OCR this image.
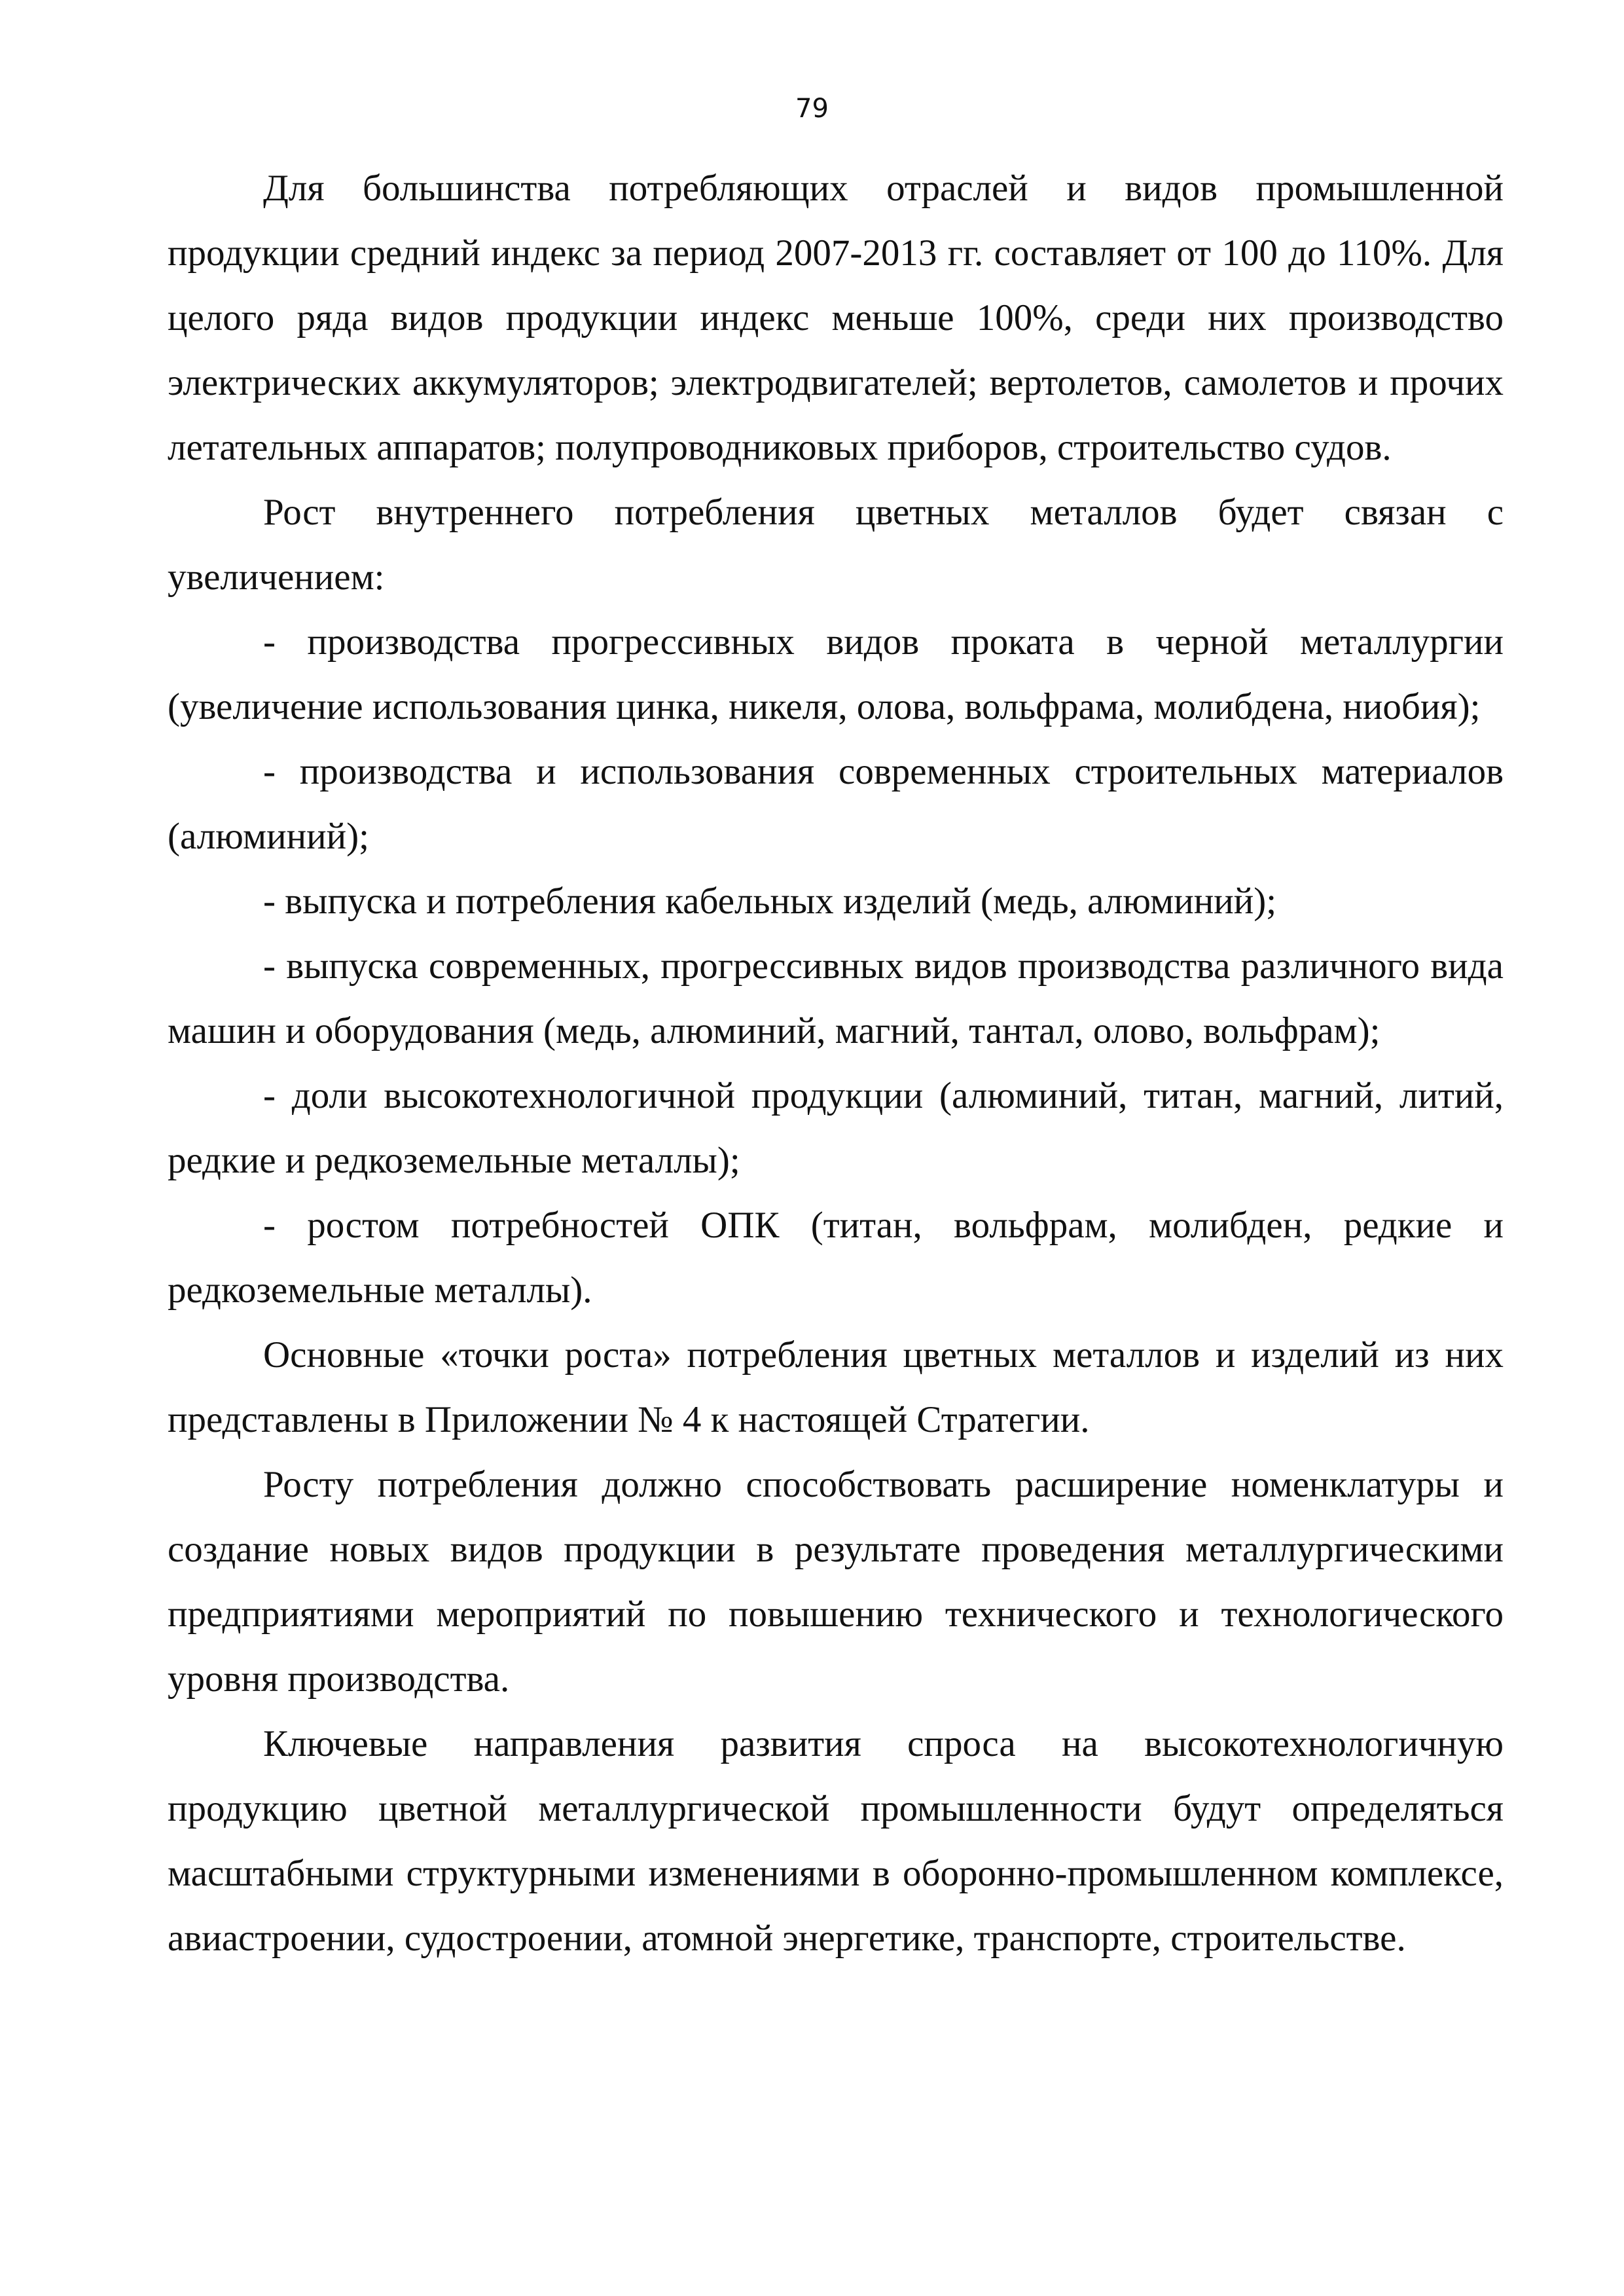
79

Для большинства потребляющих отраслей и видов промышленной продукции средний индекс за период 2007-2013 гг. составляет от 100 до 110%. Для целого ряда видов продукции индекс меньше 100%, среди них производство электрических аккумуляторов; электродвигателей; вертолетов, самолетов и прочих летательных аппаратов; полупроводниковых приборов, строительство судов.

Рост внутреннего потребления цветных металлов будет связан с увеличением:

- производства прогрессивных видов проката в черной металлургии (увеличение использования цинка, никеля, олова, вольфрама, молибдена, ниобия);

- производства и использования современных строительных материалов (алюминий);

- выпуска и потребления кабельных изделий (медь, алюминий);

- выпуска современных, прогрессивных видов производства различного вида машин и оборудования (медь, алюминий, магний, тантал, олово, вольфрам);

- доли высокотехнологичной продукции (алюминий, титан, магний, литий, редкие и редкоземельные металлы);

- ростом потребностей ОПК (титан, вольфрам, молибден, редкие и редкоземельные металлы).

Основные «точки роста» потребления цветных металлов и изделий из них представлены в Приложении № 4 к настоящей Стратегии.

Росту потребления должно способствовать расширение номенклатуры и создание новых видов продукции в результате проведения металлургическими предприятиями мероприятий по повышению технического и технологического уровня производства.

Ключевые направления развития спроса на высокотехнологичную продукцию цветной металлургической промышленности будут определяться масштабными структурными изменениями в оборонно-промышленном комплексе, авиастроении, судостроении, атомной энергетике, транспорте, строительстве.
